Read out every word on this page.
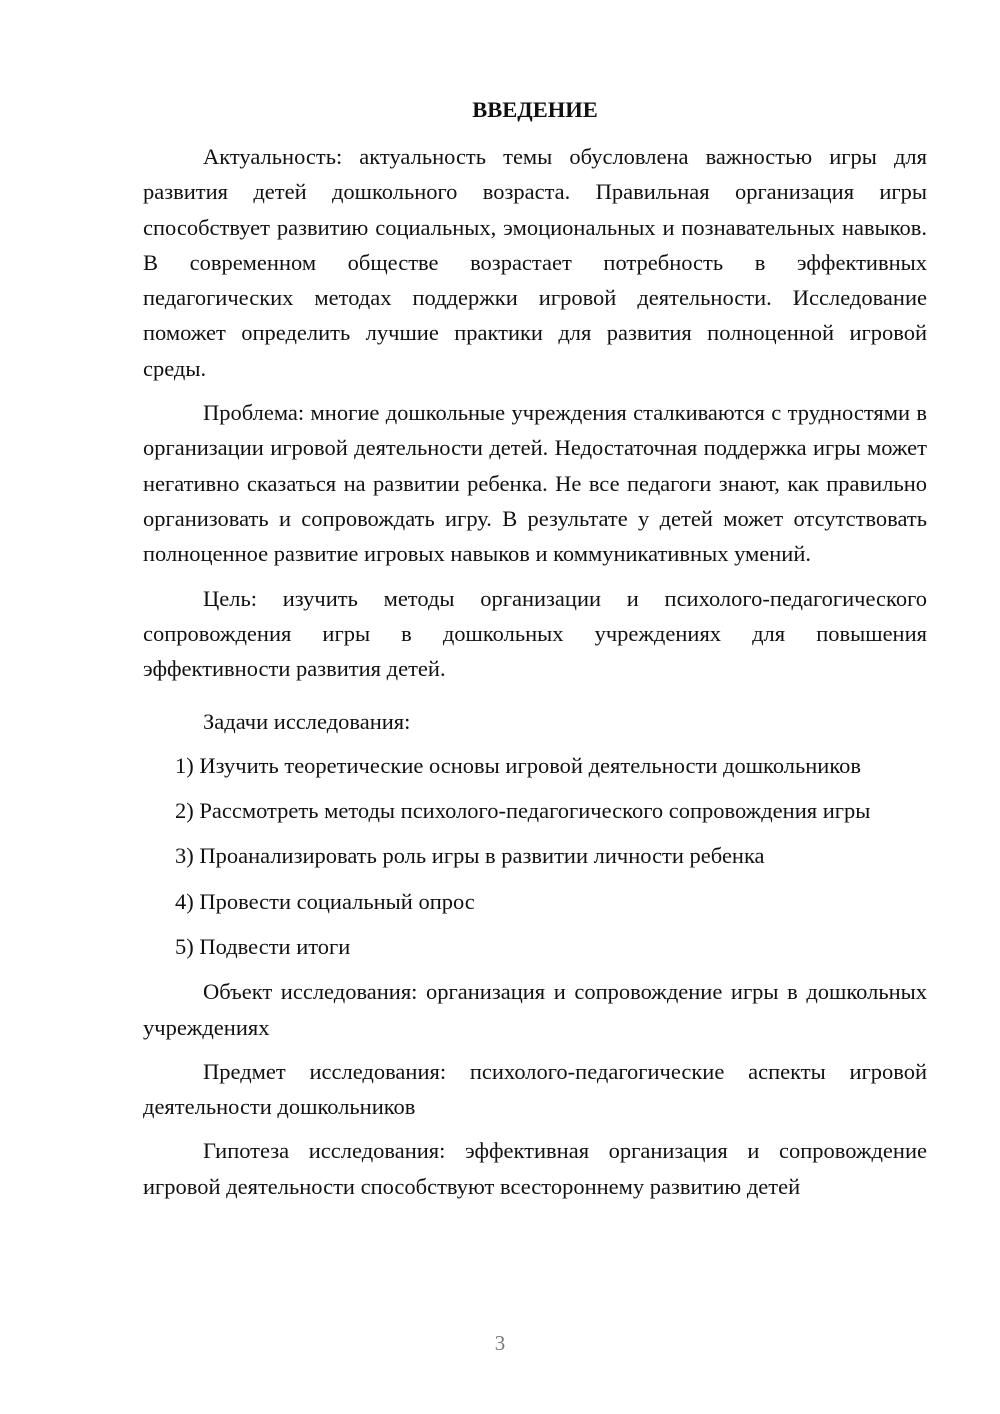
ВВЕДЕНИЕ

Актуальность: актуальность темы обусловлена важностью игры для развития детей дошкольного возраста. Правильная организация игры способствует развитию социальных, эмоциональных и познавательных навыков. В современном обществе возрастает потребность в эффективных педагогических методах поддержки игровой деятельности. Исследование поможет определить лучшие практики для развития полноценной игровой среды.

Проблема: многие дошкольные учреждения сталкиваются с трудностями в организации игровой деятельности детей. Недостаточная поддержка игры может негативно сказаться на развитии ребенка. Не все педагоги знают, как правильно организовать и сопровождать игру. В результате у детей может отсутствовать полноценное развитие игровых навыков и коммуникативных умений.

Цель: изучить методы организации и психолого-педагогического сопровождения игры в дошкольных учреждениях для повышения эффективности развития детей.

Задачи исследования:

1) Изучить теоретические основы игровой деятельности дошкольников

2) Рассмотреть методы психолого-педагогического сопровождения игры

3) Проанализировать роль игры в развитии личности ребенка

4) Провести социальный опрос

5) Подвести итоги

Объект исследования: организация и сопровождение игры в дошкольных учреждениях

Предмет исследования: психолого-педагогические аспекты игровой деятельности дошкольников

Гипотеза исследования: эффективная организация и сопровождение игровой деятельности способствуют всестороннему развитию детей

3
